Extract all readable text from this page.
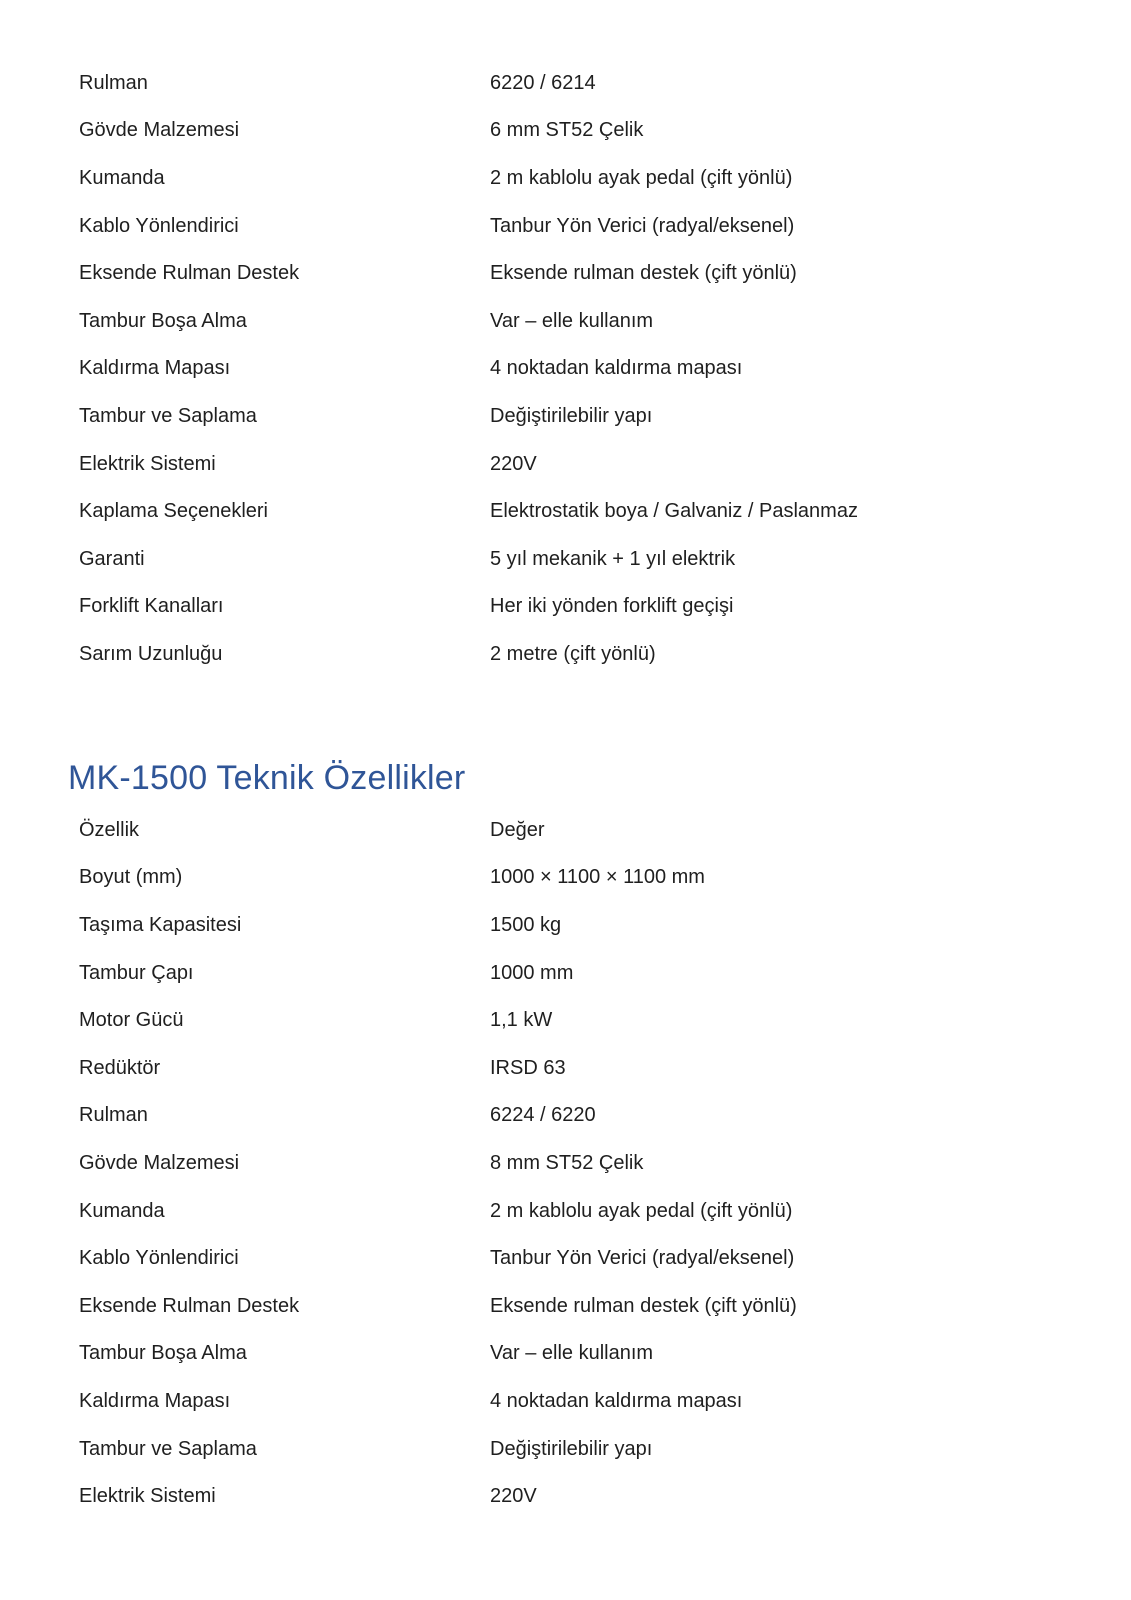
Rulman	6220 / 6214
Gövde Malzemesi	6 mm ST52 Çelik
Kumanda	2 m kablolu ayak pedal (çift yönlü)
Kablo Yönlendirici	Tanbur Yön Verici (radyal/eksenel)
Eksende Rulman Destek	Eksende rulman destek (çift yönlü)
Tambur Boşa Alma	Var – elle kullanım
Kaldırma Mapası	4 noktadan kaldırma mapası
Tambur ve Saplama	Değiştirilebilir yapı
Elektrik Sistemi	220V
Kaplama Seçenekleri	Elektrostatik boya / Galvaniz / Paslanmaz
Garanti	5 yıl mekanik + 1 yıl elektrik
Forklift Kanalları	Her iki yönden forklift geçişi
Sarım Uzunluğu	2 metre (çift yönlü)
MK-1500 Teknik Özellikler
Özellik	Değer
Boyut (mm)	1000 × 1100 × 1100 mm
Taşıma Kapasitesi	1500 kg
Tambur Çapı	1000 mm
Motor Gücü	1,1 kW
Redüktör	IRSD 63
Rulman	6224 / 6220
Gövde Malzemesi	8 mm ST52 Çelik
Kumanda	2 m kablolu ayak pedal (çift yönlü)
Kablo Yönlendirici	Tanbur Yön Verici (radyal/eksenel)
Eksende Rulman Destek	Eksende rulman destek (çift yönlü)
Tambur Boşa Alma	Var – elle kullanım
Kaldırma Mapası	4 noktadan kaldırma mapası
Tambur ve Saplama	Değiştirilebilir yapı
Elektrik Sistemi	220V
